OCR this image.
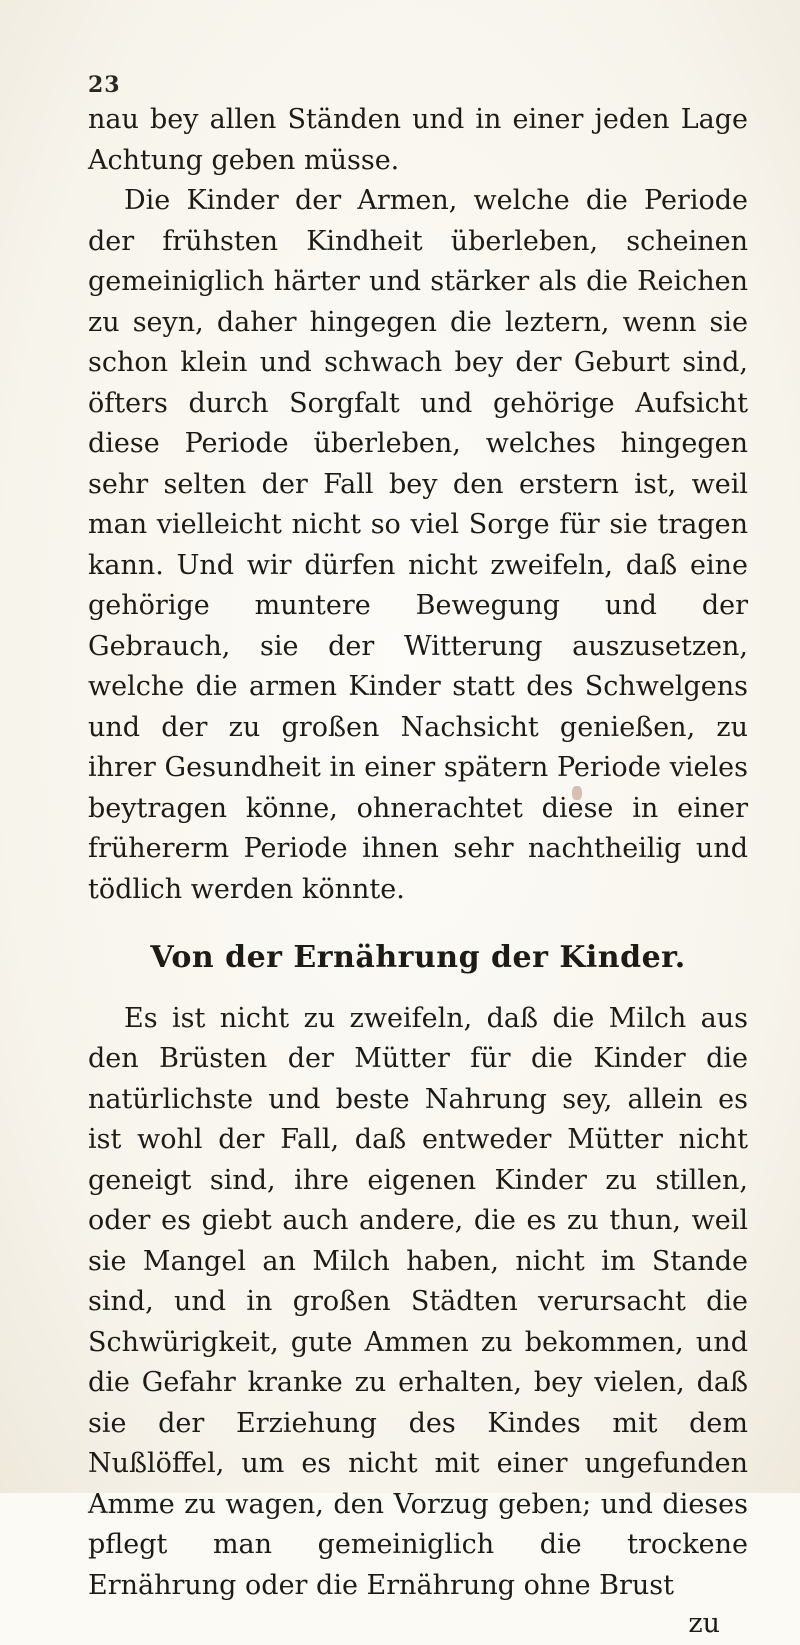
23

nau bey allen Ständen und in einer jeden Lage Achtung geben müsse.

Die Kinder der Armen, welche die Periode der frühsten Kindheit überleben, scheinen gemeiniglich härter und stärker als die Reichen zu seyn, daher hingegen die leztern, wenn sie schon klein und schwach bey der Geburt sind, öfters durch Sorgfalt und gehörige Aufsicht diese Periode überleben, welches hingegen sehr selten der Fall bey den erstern ist, weil man vielleicht nicht so viel Sorge für sie tragen kann. Und wir dürfen nicht zweifeln, daß eine gehörige muntere Bewegung und der Gebrauch, sie der Witterung auszusetzen, welche die armen Kinder statt des Schwelgens und der zu großen Nachsicht genießen, zu ihrer Gesundheit in einer spätern Periode vieles beytragen könne, ohnerachtet diese in einer frühererm Periode ihnen sehr nachtheilig und tödlich werden könnte.

Von der Ernährung der Kinder.

Es ist nicht zu zweifeln, daß die Milch aus den Brüsten der Mütter für die Kinder die natürlichste und beste Nahrung sey, allein es ist wohl der Fall, daß entweder Mütter nicht geneigt sind, ihre eigenen Kinder zu stillen, oder es giebt auch andere, die es zu thun, weil sie Mangel an Milch haben, nicht im Stande sind, und in großen Städten verursacht die Schwürigkeit, gute Ammen zu bekommen, und die Gefahr kranke zu erhalten, bey vielen, daß sie der Erziehung des Kindes mit dem Nußlöffel, um es nicht mit einer ungefunden Amme zu wagen, den Vorzug geben; und dieses pflegt man gemeiniglich die trockene Ernährung oder die Ernährung ohne Brust

zu
